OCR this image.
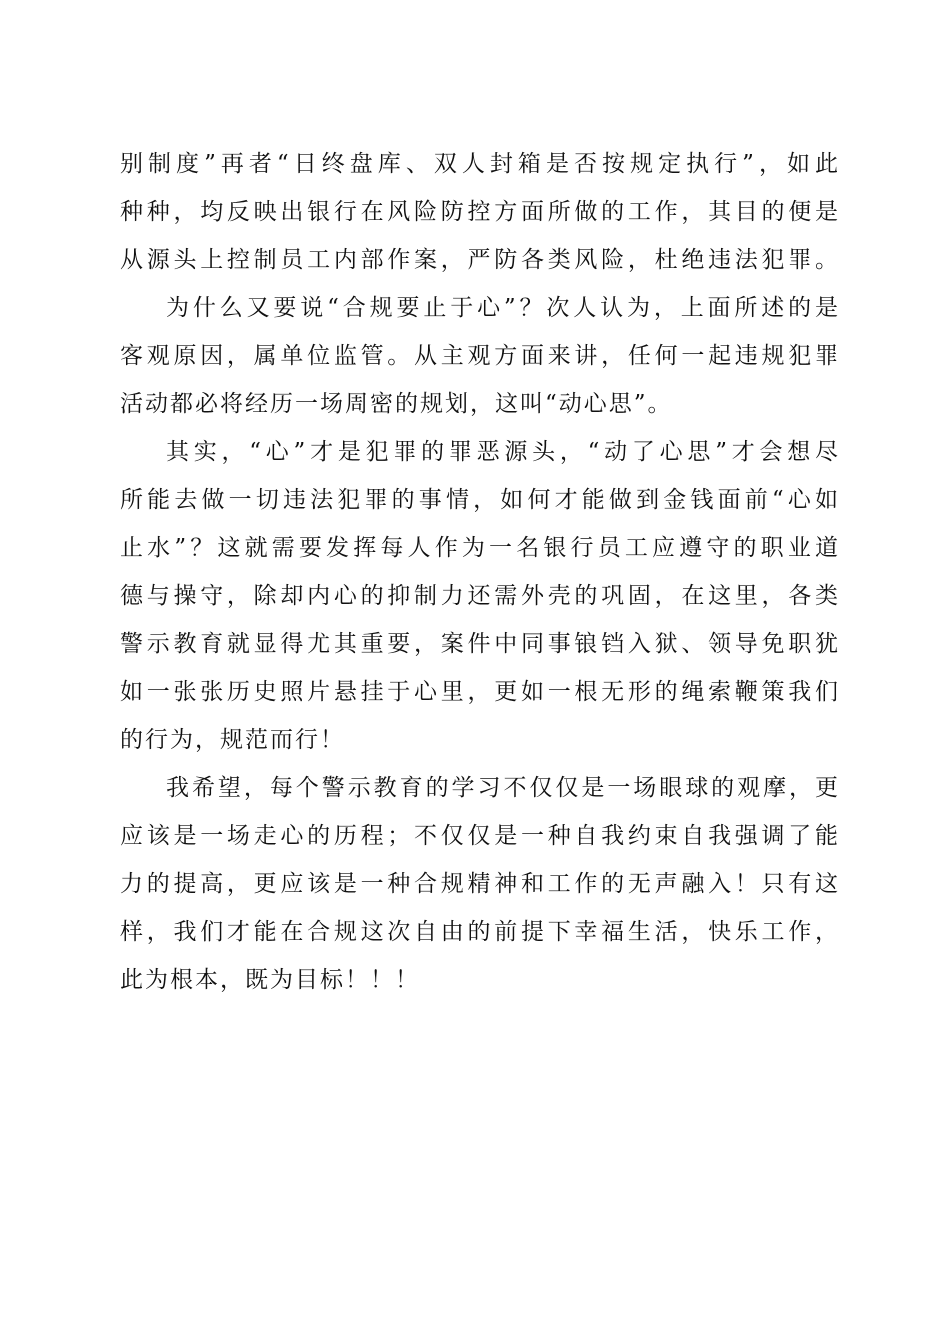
别制度”再者“日终盘库、双人封箱是否按规定执行”，如此
种种，均反映出银行在风险防控方面所做的工作，其目的便是
从源头上控制员工内部作案，严防各类风险，杜绝违法犯罪。
为什么又要说“合规要止于心”？次人认为，上面所述的是
客观原因，属单位监管。从主观方面来讲，任何一起违规犯罪
活动都必将经历一场周密的规划，这叫“动心思”。
其实，“心”才是犯罪的罪恶源头，“动了心思”才会想尽
所能去做一切违法犯罪的事情，如何才能做到金钱面前“心如
止水”？这就需要发挥每人作为一名银行员工应遵守的职业道
德与操守，除却内心的抑制力还需外壳的巩固，在这里，各类
警示教育就显得尤其重要，案件中同事锒铛入狱、领导免职犹
如一张张历史照片悬挂于心里，更如一根无形的绳索鞭策我们
的行为，规范而行！
我希望，每个警示教育的学习不仅仅是一场眼球的观摩，更
应该是一场走心的历程；不仅仅是一种自我约束自我强调了能
力的提高，更应该是一种合规精神和工作的无声融入！只有这
样，我们才能在合规这次自由的前提下幸福生活，快乐工作，
此为根本，既为目标！！！
